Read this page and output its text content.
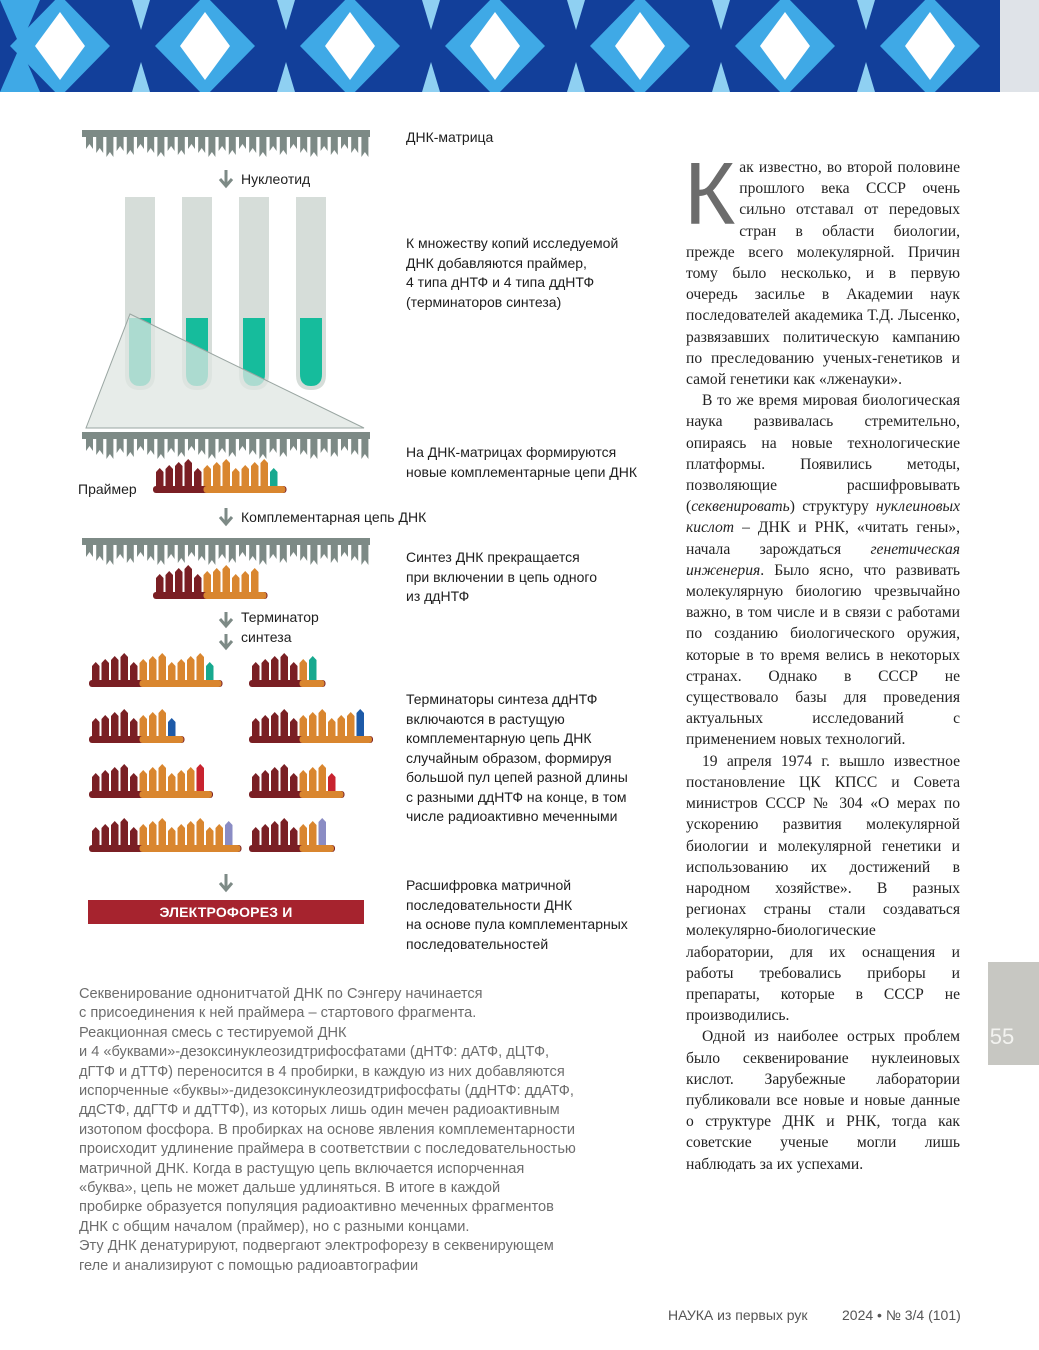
ДНК-матрица
Нуклеотид
К множеству копий исследуемой
ДНК добавляются праймер,
4 типа дНТФ и 4 типа ддНТФ
(терминаторов синтеза)
На ДНК-матрицах формируются
новые комплементарные цепи ДНК
Праймер
Комплементарная цепь ДНК
Синтез ДНК прекращается
при включении в цепь одного
из ддНТФ
Терминатор
синтеза
Терминаторы синтеза ддНТФ
включаются в растущую
комплементарную цепь ДНК
случайным образом, формируя
большой пул цепей разной длины
с разными ддНТФ на конце, в том
числе радиоактивно меченными
Расшифровка матричной
последовательности ДНК
на основе пула комплементарных
последовательностей
ЭЛЕКТРОФОРЕЗ И РАДИОАВТОГРАФИЯ
Секвенирование однонитчатой ДНК по Сэнгеру начинается
с присоединения к ней праймера – стартового фрагмента.
Реакционная смесь с тестируемой ДНК
и 4 «буквами»-дезоксинуклеозидтрифосфатами (дНТФ: дАТФ, дЦТФ,
дГТФ и дТТФ) переносится в 4 пробирки, в каждую из них добавляются
испорченные «буквы»-дидезоксинуклеозидтрифосфаты (ддНТФ: ддАТФ,
ддСТФ, ддГТФ и ддТТФ), из которых лишь один мечен радиоактивным
изотопом фосфора. В пробирках на основе явления комплементарности
происходит удлинение праймера в соответствии с последовательностью
матричной ДНК. Когда в растущую цепь включается испорченная
«буква», цепь не может дальше удлиняться. В итоге в каждой
пробирке образуется популяция радиоактивно меченных фрагментов
ДНК с общим началом (праймер), но с разными концами.
Эту ДНК денатурируют, подвергают электрофорезу в секвенирующем
геле и анализируют с помощью радиоавтографии

Как известно, во второй половине прошлого века СССР очень сильно отставал от передовых стран в области биологии, прежде всего молекулярной. Причин тому было несколько, и в первую очередь засилье в Академии наук последователей академика Т.Д. Лысенко, развязавших политическую кампанию по преследованию ученых-генетиков и самой генетики как «лженауки».

В то же время мировая биологическая наука развивалась стремительно, опираясь на новые технологические платформы. Появились методы, позволяющие расшифровывать (секвенировать) структуру нуклеиновых кислот – ДНК и РНК, «читать гены», начала зарождаться генетическая инженерия. Было ясно, что развивать молекулярную биологию чрезвычайно важно, в том числе и в связи с работами по созданию биологического оружия, которые в то время велись в некоторых странах. Однако в СССР не существовало базы для проведения актуальных исследований с применением новых технологий.

19 апреля 1974 г. вышло известное постановление ЦК КПСС и Совета министров СССР № 304 «О мерах по ускорению развития молекулярной биологии и молекулярной генетики и использованию их достижений в народном хозяйстве». В разных регионах страны стали создаваться молекулярно-биологические лаборатории, для их оснащения и работы требовались приборы и препараты, которые в СССР не производились.

Одной из наиболее острых проблем было секвенирование нуклеиновых кислот. Зарубежные лаборатории публиковали все новые и новые данные о структуре ДНК и РНК, тогда как советские ученые могли лишь наблюдать за их успехами.

55
НАУКА из первых рук 2024 • № 3/4 (101)
